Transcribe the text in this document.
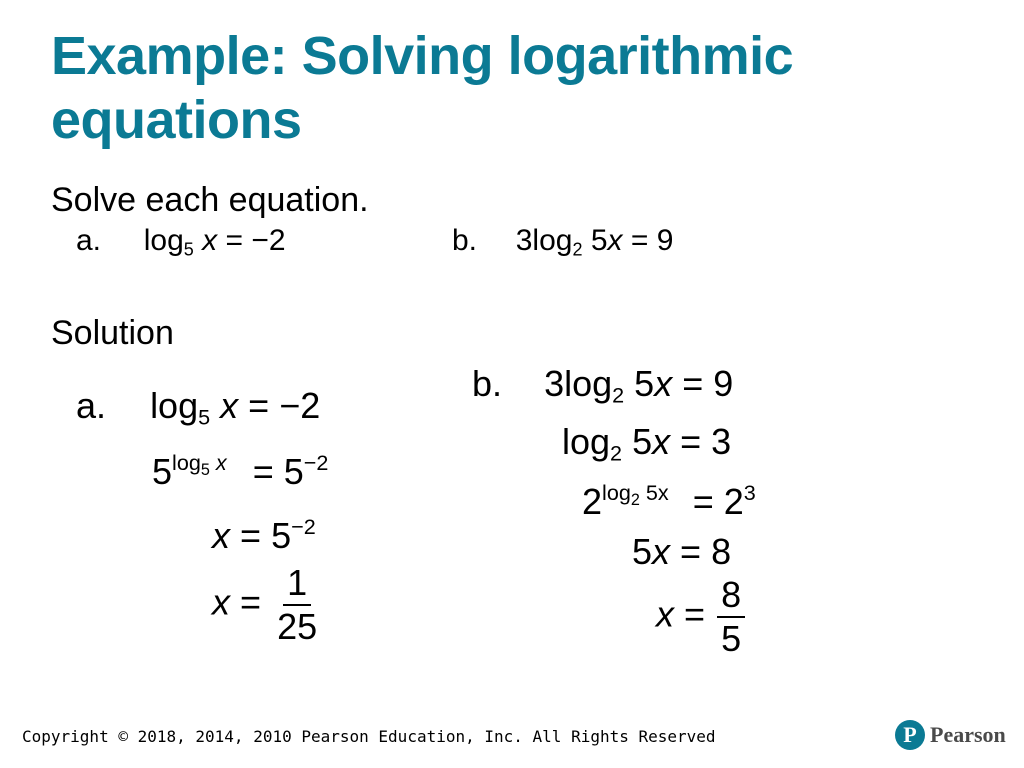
Example: Solving logarithmic
equations
Solve each equation.
a. $\log_5 x = -2$	b. $3\log_2$ 5x = 9
Solution
a. $\log_5 x = -2$
$5^{log_5 x} = 5^{-2}$
$x = 5^{-2}$
$x = \frac{1}{25}$
b. $3\log_2$ 5x = 9
$\log_2 5x = 3$
$2^{log_2 5x} = 2^3$
5x = 8
$x = \frac{8}{5}$
Copyright © 2018, 2014, 2010 Pearson Education, Inc. All Rights Reserved	P Pearson
